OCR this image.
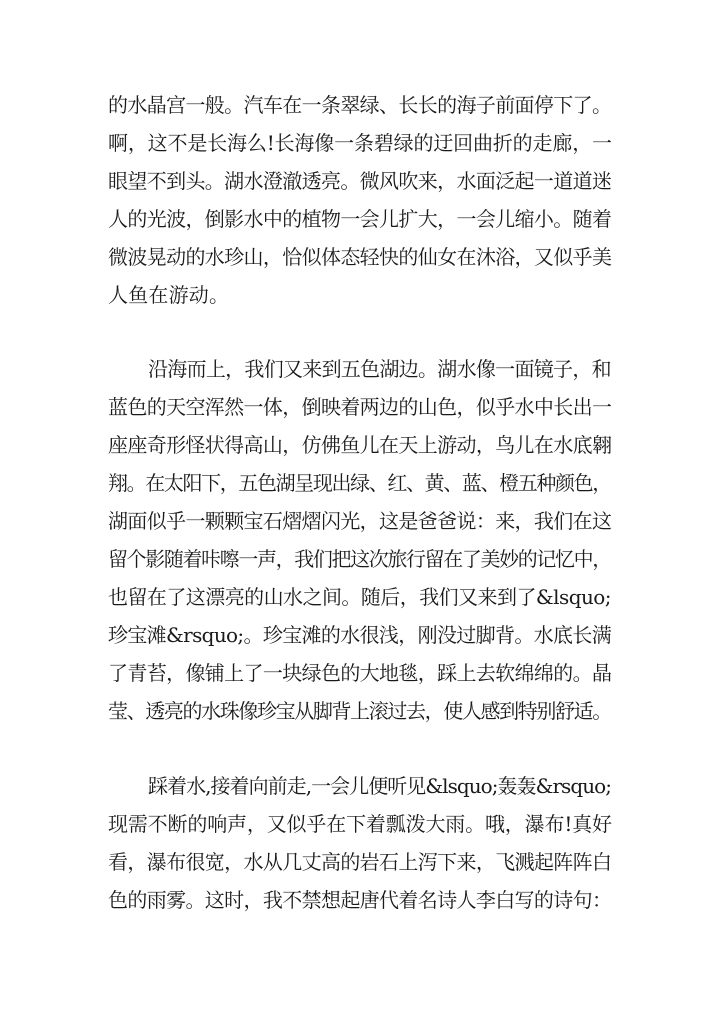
的水晶宫一般。汽车在一条翠绿、长长的海子前面停下了。
啊，这不是长海么!长海像一条碧绿的迂回曲折的走廊，一
眼望不到头。湖水澄澈透亮。微风吹来，水面泛起一道道迷
人的光波，倒影水中的植物一会儿扩大，一会儿缩小。随着
微波晃动的水珍山，恰似体态轻快的仙女在沐浴，又似乎美
人鱼在游动。
沿海而上，我们又来到五色湖边。湖水像一面镜子，和
蓝色的天空浑然一体，倒映着两边的山色，似乎水中长出一
座座奇形怪状得高山，仿佛鱼儿在天上游动，鸟儿在水底翱
翔。在太阳下，五色湖呈现出绿、红、黄、蓝、橙五种颜色，
湖面似乎一颗颗宝石熠熠闪光，这是爸爸说：来，我们在这
留个影随着咔嚓一声，我们把这次旅行留在了美妙的记忆中，
也留在了这漂亮的山水之间。随后，我们又来到了&lsquo;
珍宝滩&rsquo;。珍宝滩的水很浅，刚没过脚背。水底长满
了青苔，像铺上了一块绿色的大地毯，踩上去软绵绵的。晶
莹、透亮的水珠像珍宝从脚背上滚过去，使人感到特别舒适。
踩着水,接着向前走,一会儿便听见&lsquo;轰轰&rsquo;
现需不断的响声，又似乎在下着瓢泼大雨。哦，瀑布!真好
看，瀑布很宽，水从几丈高的岩石上泻下来，飞溅起阵阵白
色的雨雾。这时，我不禁想起唐代着名诗人李白写的诗句：
